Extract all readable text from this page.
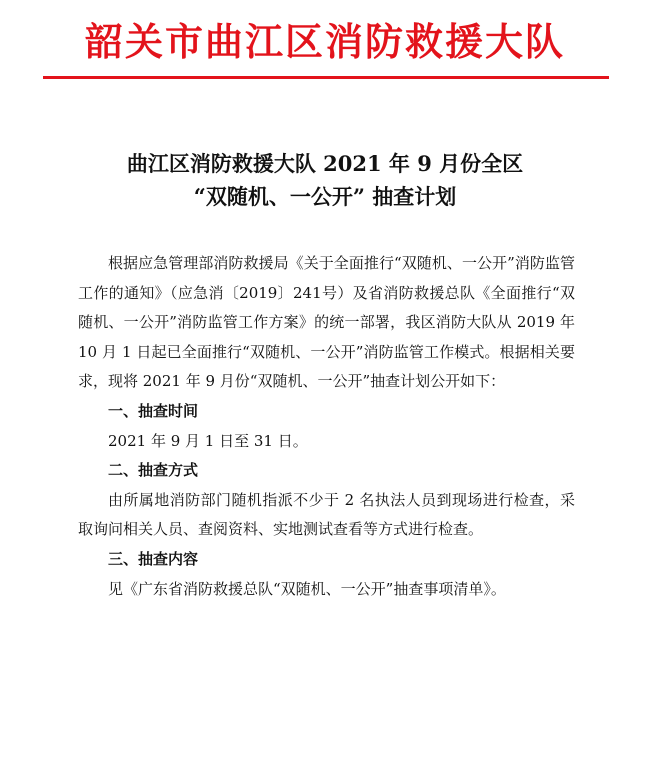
韶关市曲江区消防救援大队
曲江区消防救援大队 2021 年 9 月份全区
“双随机、一公开” 抽查计划

根据应急管理部消防救援局《关于全面推行“双随机、一公开”消防监管工作的通知》（应急消〔2019〕241号）及省消防救援总队《全面推行“双随机、一公开”消防监管工作方案》的统一部署，我区消防大队从 2019 年 10 月 1 日起已全面推行“双随机、一公开”消防监管工作模式。根据相关要求，现将 2021 年 9 月份“双随机、一公开”抽查计划公开如下：

一、抽查时间

2021 年 9 月 1 日至 31 日。

二、抽查方式

由所属地消防部门随机指派不少于 2 名执法人员到现场进行检查，采取询问相关人员、查阅资料、实地测试查看等方式进行检查。

三、抽查内容

见《广东省消防救援总队“双随机、一公开”抽查事项清单》。
